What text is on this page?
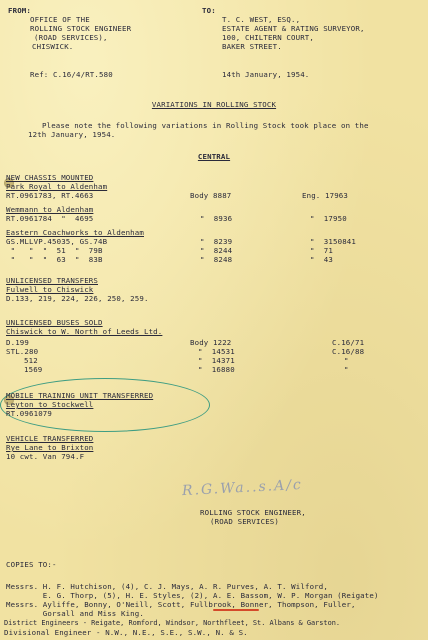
FROM:
OFFICE OF THE
ROLLING STOCK ENGINEER
(ROAD SERVICES),
CHISWICK.
TO:
T. C. WEST, ESQ.,
ESTATE AGENT & RATING SURVEYOR,
100, CHILTERN COURT,
BAKER STREET.
Ref: C.16/4/RT.580	14th January, 1954.
VARIATIONS IN ROLLING STOCK
Please note the following variations in Rolling Stock took place on the
12th January, 1954.
CENTRAL
NEW CHASSIS MOUNTED
Park Royal to Aldenham
RT.0961783, RT.4663	Body 8887	Eng. 17963
Wemmann to Aldenham
RT.0961784  "  4695	"  8936	"  17950
Eastern Coachworks to Aldenham
GS.MLLVP.45035, GS.74B	"  8239	"  3150841
"   "  "  51  "  79B	"  8244	"  71
"   "  "  63  "  83B	"  8248	"  43
UNLICENSED TRANSFERS
Fulwell to Chiswick
D.133, 219, 224, 226, 250, 259.
UNLICENSED BUSES SOLD
Chiswick to W. North of Leeds Ltd.
D.199	Body 1222	C.16/71
STL.280	"  14531	C.16/88
512	"  14371	"
1569	"  16880	"
MOBILE TRAINING UNIT TRANSFERRED
Leyton to Stockwell
RT.0961079
VEHICLE TRANSFERRED
Rye Lane to Brixton
10 cwt. Van 794.F
R.G.Wa..s.A/c
ROLLING STOCK ENGINEER,
(ROAD SERVICES)
COPIES TO:-
Messrs. H. F. Hutchison, (4), C. J. Mays, A. R. Purves, A. T. Wilford,
E. G. Thorp, (5), H. E. Styles, (2), A. E. Bassom, W. P. Morgan (Reigate)
Messrs. Ayliffe, Bonny, O'Neill, Scott, Fullbrook, Bonner, Thompson, Fuller,
Gorsall and Miss King.
District Engineers - Reigate, Romford, Windsor, Northfleet, St. Albans & Garston.
Divisional Engineer - N.W., N.E., S.E., S.W., N. & S.
